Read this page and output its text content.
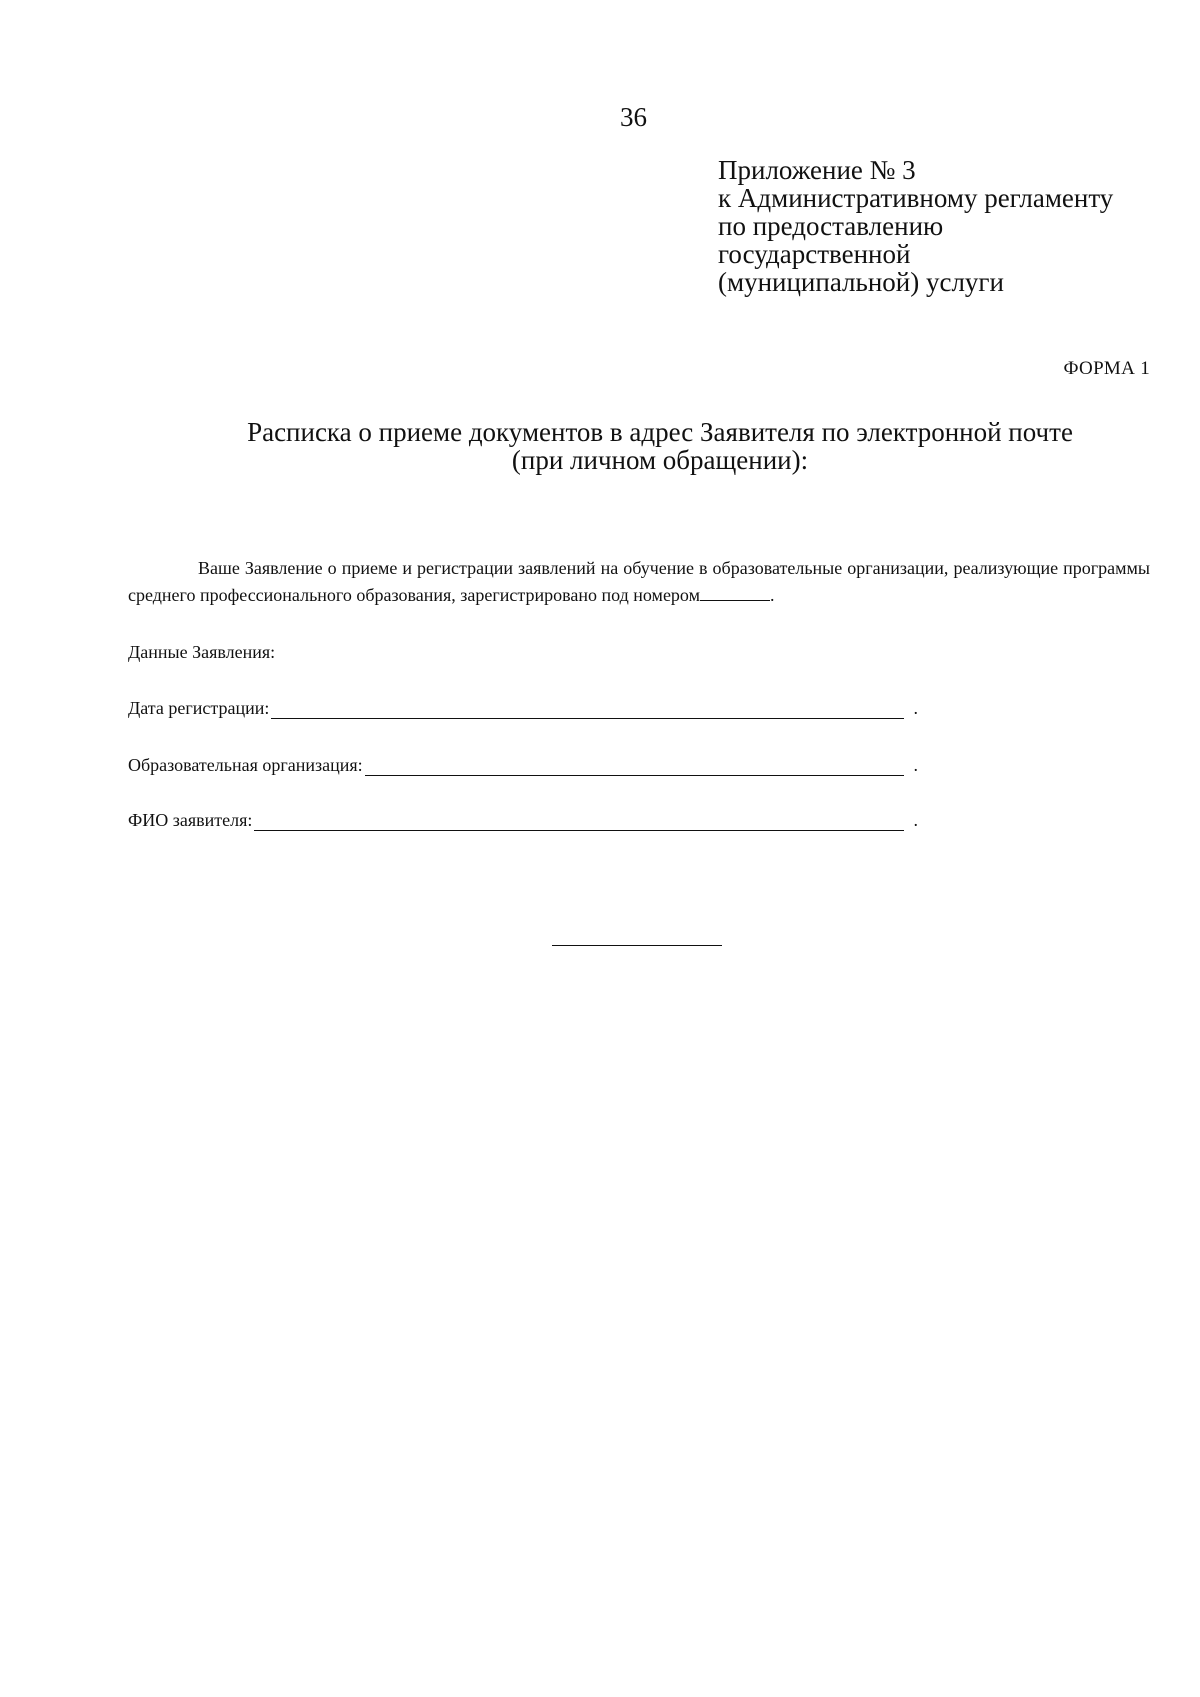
36
Приложение № 3
к Административному регламенту
по предоставлению
государственной
(муниципальной) услуги
ФОРМА 1
Расписка о приеме документов в адрес Заявителя по электронной почте
(при личном обращении):
Ваше Заявление о приеме и регистрации заявлений на обучение в образовательные организации, реализующие программы среднего профессионального образования, зарегистрировано под номером	.
Данные Заявления:
Дата регистрации:	.
Образовательная организация:	.
ФИО заявителя:	.
